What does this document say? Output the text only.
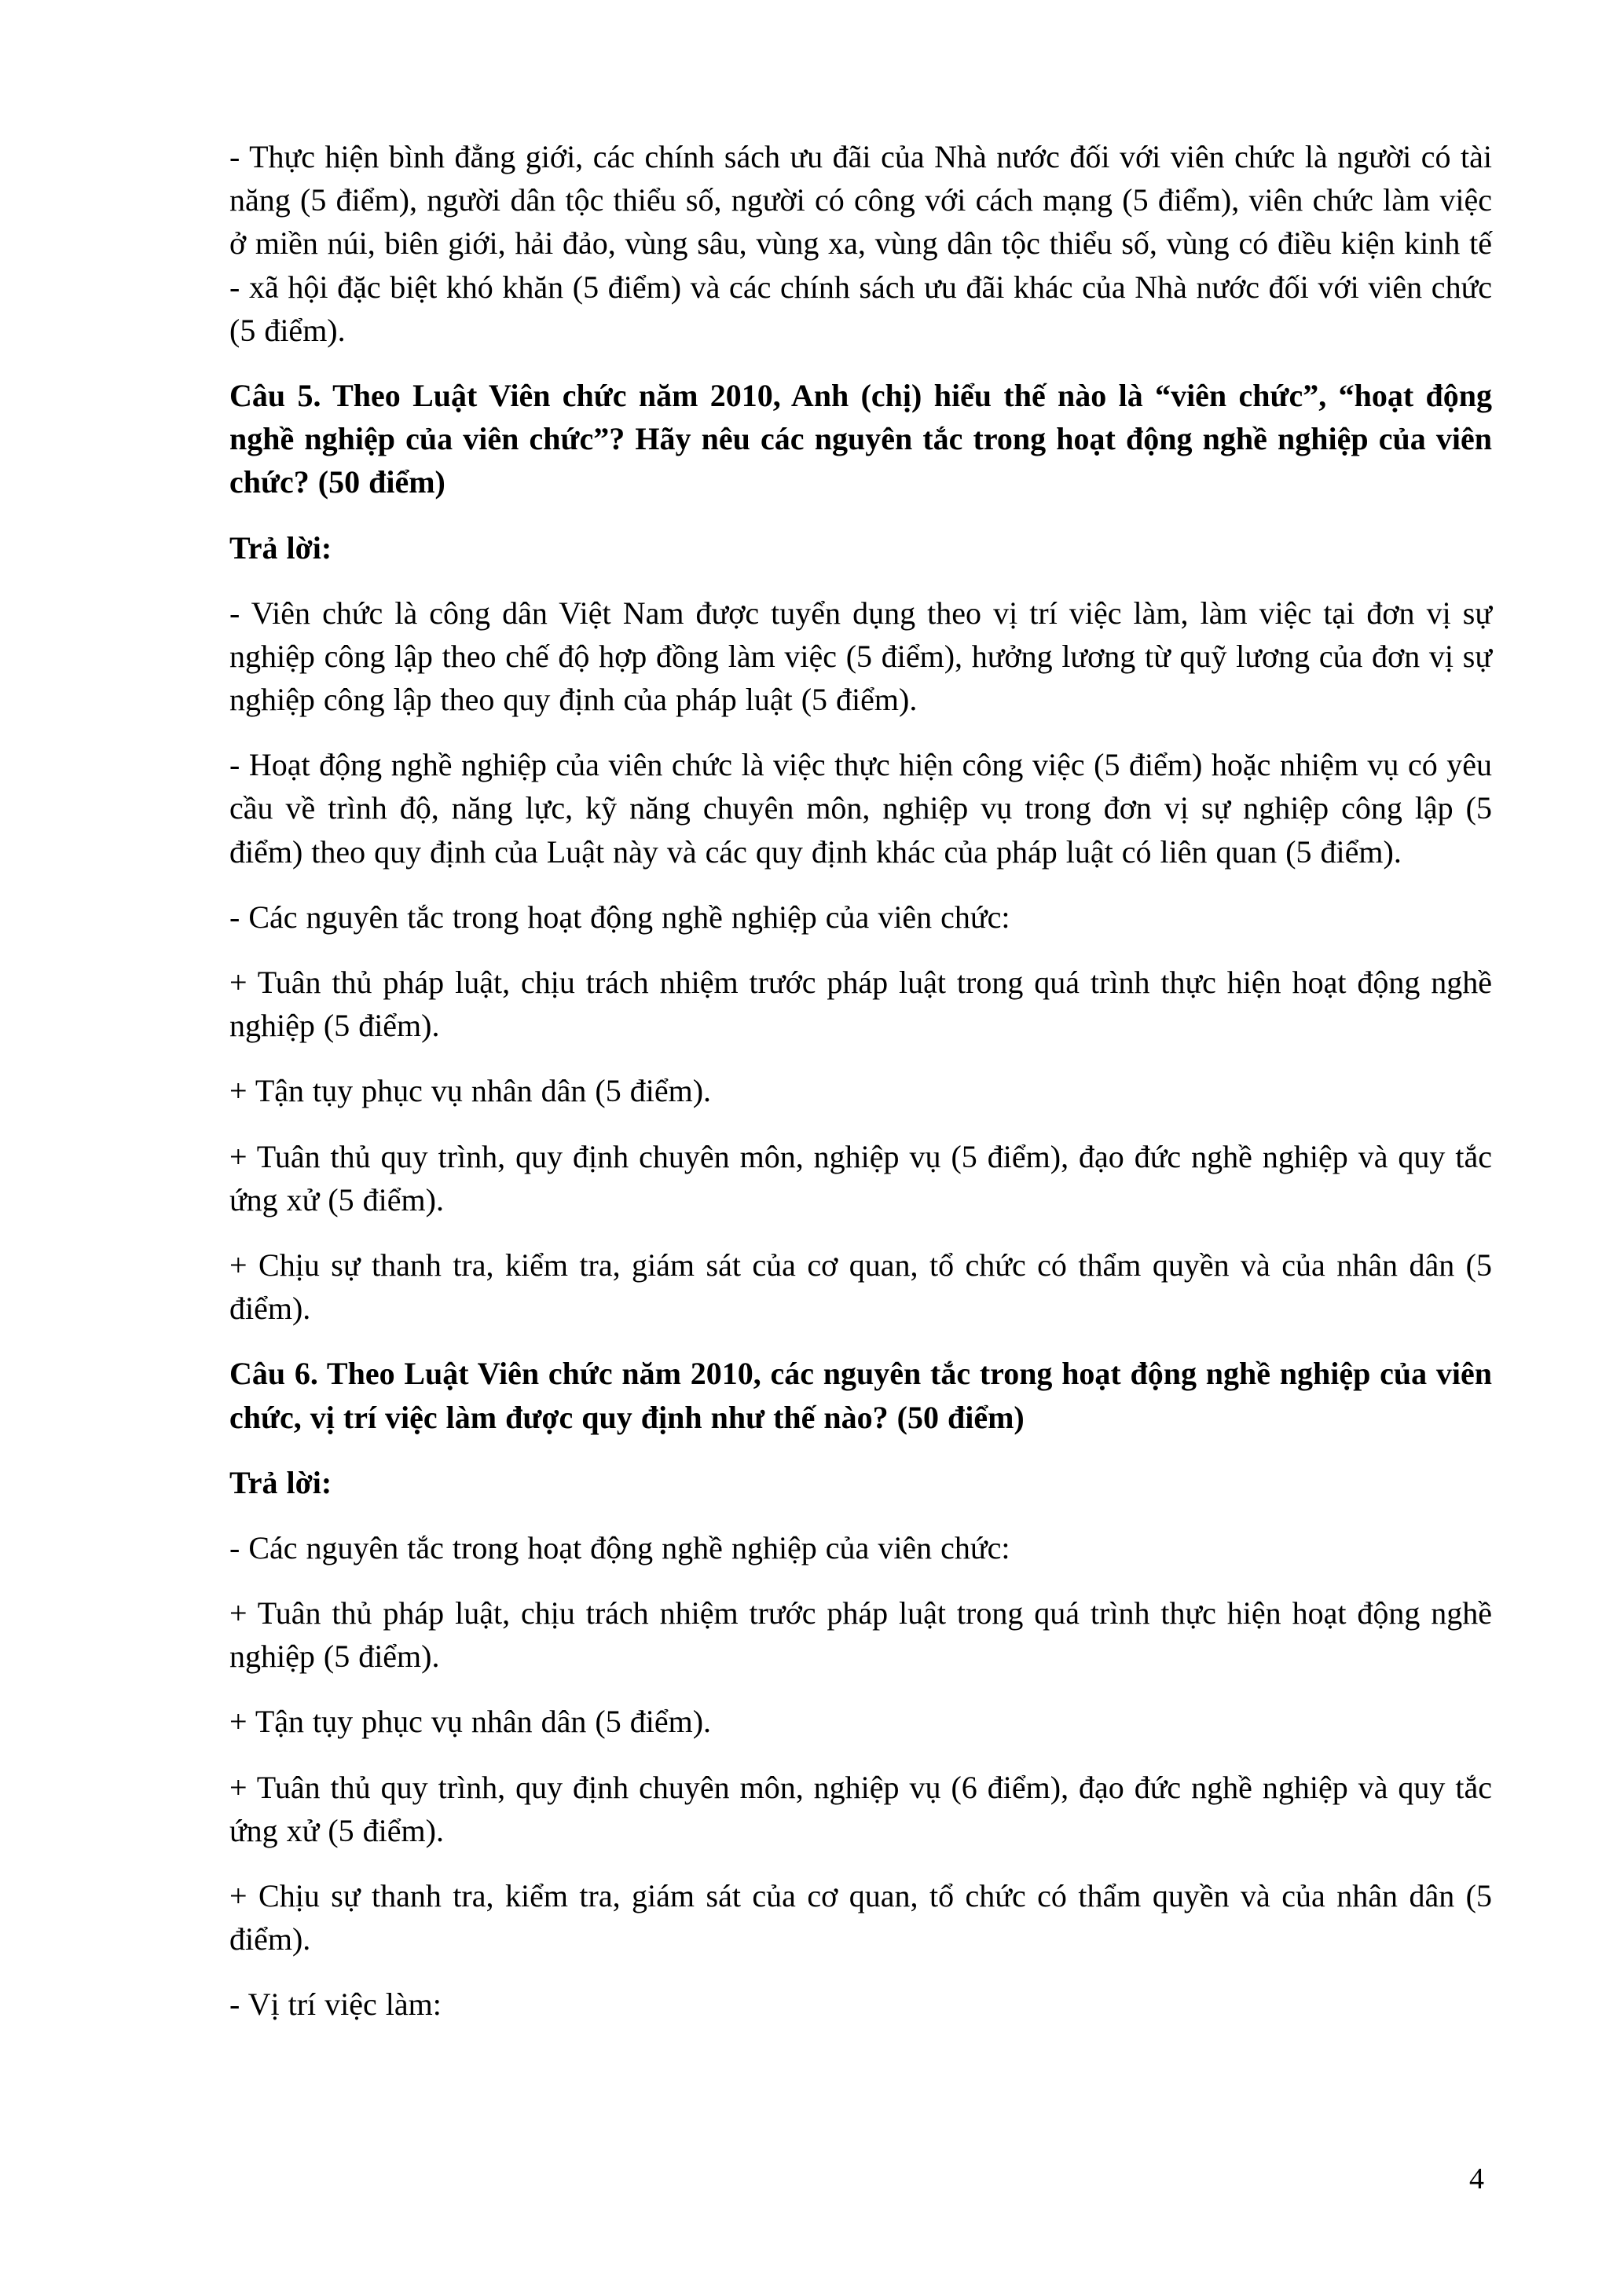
- Thực hiện bình đẳng giới, các chính sách ưu đãi của Nhà nước đối với viên chức là người có tài năng (5 điểm), người dân tộc thiểu số, người có công với cách mạng (5 điểm), viên chức làm việc ở miền núi, biên giới, hải đảo, vùng sâu, vùng xa, vùng dân tộc thiểu số, vùng có điều kiện kinh tế - xã hội đặc biệt khó khăn (5 điểm) và các chính sách ưu đãi khác của Nhà nước đối với viên chức (5 điểm).

Câu 5. Theo Luật Viên chức năm 2010, Anh (chị) hiểu thế nào là “viên chức”, “hoạt động nghề nghiệp của viên chức”? Hãy nêu các nguyên tắc trong hoạt động nghề nghiệp của viên chức? (50 điểm)

Trả lời:

- Viên chức là công dân Việt Nam được tuyển dụng theo vị trí việc làm, làm việc tại đơn vị sự nghiệp công lập theo chế độ hợp đồng làm việc (5 điểm), hưởng lương từ quỹ lương của đơn vị sự nghiệp công lập theo quy định của pháp luật (5 điểm).

- Hoạt động nghề nghiệp của viên chức là việc thực hiện công việc (5 điểm) hoặc nhiệm vụ có yêu cầu về trình độ, năng lực, kỹ năng chuyên môn, nghiệp vụ trong đơn vị sự nghiệp công lập (5 điểm) theo quy định của Luật này và các quy định khác của pháp luật có liên quan (5 điểm).

- Các nguyên tắc trong hoạt động nghề nghiệp của viên chức:

+ Tuân thủ pháp luật, chịu trách nhiệm trước pháp luật trong quá trình thực hiện hoạt động nghề nghiệp (5 điểm).

+ Tận tụy phục vụ nhân dân (5 điểm).

+ Tuân thủ quy trình, quy định chuyên môn, nghiệp vụ (5 điểm), đạo đức nghề nghiệp và quy tắc ứng xử (5 điểm).

+ Chịu sự thanh tra, kiểm tra, giám sát của cơ quan, tổ chức có thẩm quyền và của nhân dân (5 điểm).

Câu 6. Theo Luật Viên chức năm 2010, các nguyên tắc trong hoạt động nghề nghiệp của viên chức, vị trí việc làm được quy định như thế nào? (50 điểm)

Trả lời:

- Các nguyên tắc trong hoạt động nghề nghiệp của viên chức:

+ Tuân thủ pháp luật, chịu trách nhiệm trước pháp luật trong quá trình thực hiện hoạt động nghề nghiệp (5 điểm).

+ Tận tụy phục vụ nhân dân (5 điểm).

+ Tuân thủ quy trình, quy định chuyên môn, nghiệp vụ (6 điểm), đạo đức nghề nghiệp và quy tắc ứng xử (5 điểm).

+ Chịu sự thanh tra, kiểm tra, giám sát của cơ quan, tổ chức có thẩm quyền và của nhân dân (5 điểm).

- Vị trí việc làm:

4
